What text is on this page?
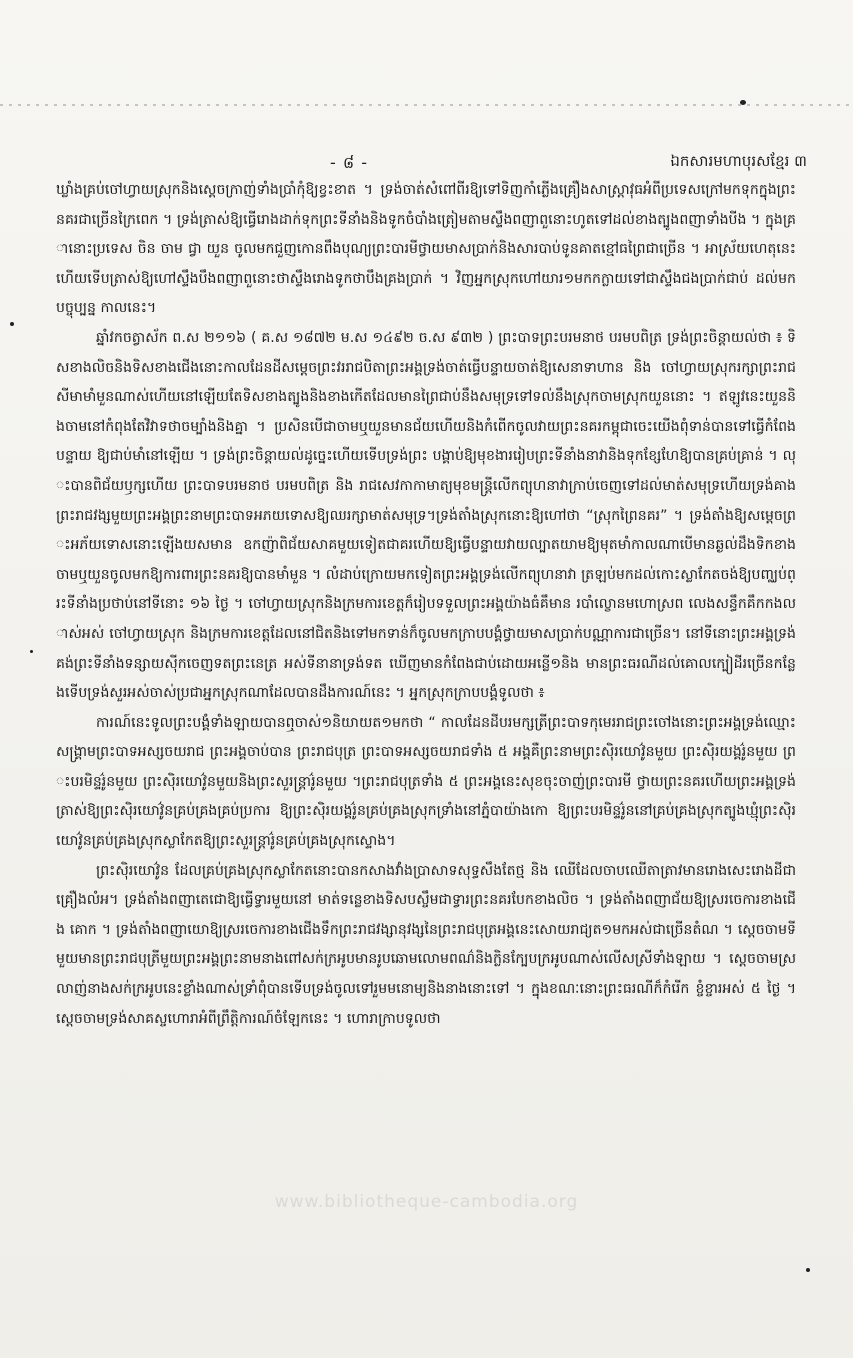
- ៨ -	ឯកសារមហាបុរសខ្មែរ ៣

ឃ្លាំងគ្រប់ចៅហ្វាយស្រុកនិងស្តេចក្រាញ់ទាំងប្រាំកុំឱ្យខ្វះខាត ។ ទ្រង់ចាត់សំពៅពីរឱ្យទៅទិញកាំភ្លើងគ្រឿងសាស្ត្រាវុធអំពីប្រទេសក្រៅមកទុកក្នុងព្រះនគរជាច្រើនក្រៃពេក ។ ទ្រង់ត្រាស់ឱ្យធ្វើរោងដាក់ទុកព្រះទីនាំងនិងទូកចំបាំងត្រៀមតាមស្ទឹងពញាពួនោះហូតទៅដល់ខាងត្បូងពញាទាំងបីង ។ ក្នុងគ្រានោះប្រទេស ចិន ចាម ជ្វា យួន ចូលមកជួញកោនពឹងបុណ្យព្រះបារមីថ្វាយមាសប្រាក់និងសារបាប់ទូនគាតខ្មៅធព្រៃជាច្រើន ។ អាស្រ័យហេតុនេះហើយទើបត្រាស់ឱ្យហៅស្ទឹងបឹងពញាពួនោះថាស្ទឹងរោងទូកថាបឹងគ្រងប្រាក់ ។ វិញអ្នកស្រុកហៅយារ១មកកក្លាយទៅជាស្ទឹងជងប្រាក់ជាប់ ដល់មកបច្ចុប្បន្ន កាលនេះ។

ឆ្នាំវកចត្វាស័ក ព.ស ២១១៦ ( គ.ស ១៨៧២ ម.ស ១៤៩២ ច.ស ៩៣២ ) ព្រះបាទព្រះបរមនាថ បរមបពិត្រ ទ្រង់ព្រះចិន្តាយល់ថា ៖ ទិសខាងលិចនិងទិសខាងជើងនោះកាលដែនដីសម្តេចព្រះវររាជបិតាព្រះអង្គទ្រង់ចាត់ធ្វើបន្ទាយចាត់ឱ្យសេនាទាហាន និង ចៅហ្វាយស្រុករក្សាព្រះរាជសីមាមាំមួនណាស់ហើយនៅឡើយតែទិសខាងត្បូងនិងខាងកើតដែលមានព្រៃជាប់នឹងសមុទ្រទៅទល់នឹងស្រុកចាមស្រុកយួននោះ ។ ឥឡូវនេះយួននិងចាមនៅកំពុងតែវិវាទថាចម្បាំងនិងគ្នា ។ ប្រសិនបើជាចាមឬយួនមានជ័យហើយនិងកំពើកចូលវាយព្រះនគរកម្ពុជាចេះយើងពុំទាន់បានទៅធ្វើកំពែងបន្ទាយ ឱ្យជាប់មាំនៅឡើយ ។ ទ្រង់ព្រះចិន្តាយល់ដូច្នេះហើយទើបទ្រង់ព្រះ បង្គាប់ឱ្យមុខងាររៀបព្រះទីនាំងនាវានិងទុកខ្សែហែឱ្យបានគ្រប់គ្រាន់ ។ លុះបានពិជ័យឫក្សហើយ ព្រះបាទបរមនាថ បរមបពិត្រ និង រាជសេវកាកាមាត្យមុខមន្ត្រីលើកព្យុហនាវាក្រាប់ចេញទៅដល់មាត់សមុទ្រហើយទ្រង់គាងព្រះរាជវង្សមួយព្រះអង្គព្រះនាមព្រះបាទអភយទោសឱ្យឈរក្សាមាត់សមុទ្រ។ទ្រង់តាំងស្រុកនោះឱ្យហៅថា “ស្រុកព្រៃនគរ” ។ ទ្រង់តាំងឱ្យសម្តេចព្រះអភ័យទោសនោះឡើងយសមាន ឧកញ៉ាពិជ័យសាគមួយទៀតជាគរហើយឱ្យធ្វើបន្ទាយវាយល្បាតយាមឱ្យមុតមាំកាលណាបើមានឆ្ងល់ដឹងទិកខាងចាមឬយួនចូលមកឱ្យការពារព្រះនគរឱ្យបានមាំមួន ។ លំដាប់ក្រោយមកទៀតព្រះអង្គទ្រង់លើកព្យុហនាវា ត្រឡប់មកដល់កោះស្លាកែតចង់ឱ្យបញ្ឈប់ព្រះទីនាំងប្រថាប់នៅទីនោះ ១៦ ថ្ងៃ ។ ចៅហ្វាយស្រុកនិងក្រមការខេត្តក៏រៀបទទួលព្រះអង្គយ៉ាងធំគឹមាន របាំល្ខោនមហោស្រព លេងសន្ធឹកគឹកកងលាស់អស់ ចៅហ្វាយស្រុក និងក្រមការខេត្តដែលនៅជិតនិងទៅមកទាន់ក៏ចូលមកក្រាបបង្គំថ្វាយមាសប្រាក់បណ្ណាការជាច្រើន។ នៅទីនោះព្រះអង្គទ្រង់គង់ព្រះទីនាំងទន្សាយស៊ីកចេញទតព្រះនេត្រ អស់ទីនានាទ្រង់ទត ឃើញមានកំពែងជាប់ដោយអន្លើ១និង មានព្រះធរណីដល់គោលក្បៀដីរច្រើនកន្លែងទើបទ្រង់សួរអស់ចាស់ប្រជាអ្នកស្រុកណាដែលបានដឹងការណ៍នេះ ។ អ្នកស្រុកក្រាបបង្គំទូលថា ៖

ការណ៍នេះទូលព្រះបង្គំទាំងឡាយបានឮចាស់១និយាយត១មកថា “ កាលដែនដីបរមក្សត្រីព្រះបាទកុមេររាជព្រះចៅងនោះព្រះអង្គទ្រង់ឈ្មោះសង្គ្រាមព្រះបាទអស្សចយរាជ ព្រះអង្គចាប់បាន ព្រះរាជបុត្រ ព្រះបាទអស្សចយរាជទាំង ៥ អង្គគឺព្រះនាមព្រះស៊ិរយោវ៌ូនមួយ ព្រះស៊ិរយង្គរ៌ូនមួយ ព្រះបរមិន្ទរ៌ូនមួយ ព្រះស៊ិរយោវ៌ូនមួយនិងព្រះសួរន្ត្រារ៌ូនមួយ ។ព្រះរាជបុត្រទាំង ៥ ព្រះអង្គនេះសុខចុះចាញ់ព្រះបារមី ថ្វាយព្រះនគរហើយព្រះអង្គទ្រង់ត្រាស់ឱ្យព្រះស៊ិរយោវ៌ូនគ្រប់គ្រងគ្រប់ប្រការ ឱ្យព្រះស៊ិរយង្គរ៌ូនគ្រប់គ្រងស្រុកទ្រាំងនៅភ្នំបាយ៉ាងកោ ឱ្យព្រះបរមិន្ទរ៌ូននៅគ្រប់គ្រងស្រុកត្បូងឃ្មុំព្រះស៊ិរយោវ៌ូនគ្រប់គ្រងស្រុកស្លាកែតឱ្យព្រះសួរន្ត្រារ៌ូនគ្រប់គ្រងស្រុកស្ទោង។

ព្រះស៊ិរយោវ៌ូន ដែលគ្រប់គ្រងស្រុកស្លាកែតនោះបានកសាងវាំងប្រាសាទសុទ្ធសឹងតែថ្ម និង ឈើដែលចាបឈើតាត្រាវមានរោងសេះរោងដីជាគ្រឿងលំអ។ ទ្រង់តាំងពញាតេជោឱ្យធ្វើទ្វារមួយនៅ មាត់ទន្លេខាងទិសបស្ចឹមជាទ្វារព្រះនគរបែកខាងលិច ។ ទ្រង់តាំងពញាជ័យឱ្យស្ររចេការខាងជើង គោក ។ ទ្រង់តាំងពញាយោឱ្យស្ររចេការខាងជើងទឹកព្រះរាជវង្សានុវង្សនៃព្រះរាជបុត្រអង្គនេះសោយរាជ្យត១មកអស់ជាច្រើនតំណ ។ ស្តេចចាមទីមួយមានព្រះរាជបុត្រីមួយព្រះអង្គព្រះនាមនាងពៅសក់ក្រអូបមានរូបឆោមលោមពណ៌និងក្លិនក្បែបក្រអូបណាស់លើសស្រីទាំងឡាយ ។ ស្តេចចាមស្រលាញ់នាងសក់ក្រអូបនេះខ្លាំងណាស់ទ្រាំពុំបានទើបទ្រង់ចូលទៅរួមមនោម្យនិងនាងនោះទៅ ។ ក្នុងខណៈនោះព្រះធរណីក៏កំរើក ខ្ចំខ្ចារអស់ ៥ ថ្ងៃ ។ ស្តេចចាមទ្រង់សាគស្ចហោរាអំពីព្រឹត្តិការណ៍ចំឡែកនេះ ។ ហោរាក្រាបទូលថា

www.bibliotheque-cambodia.org
